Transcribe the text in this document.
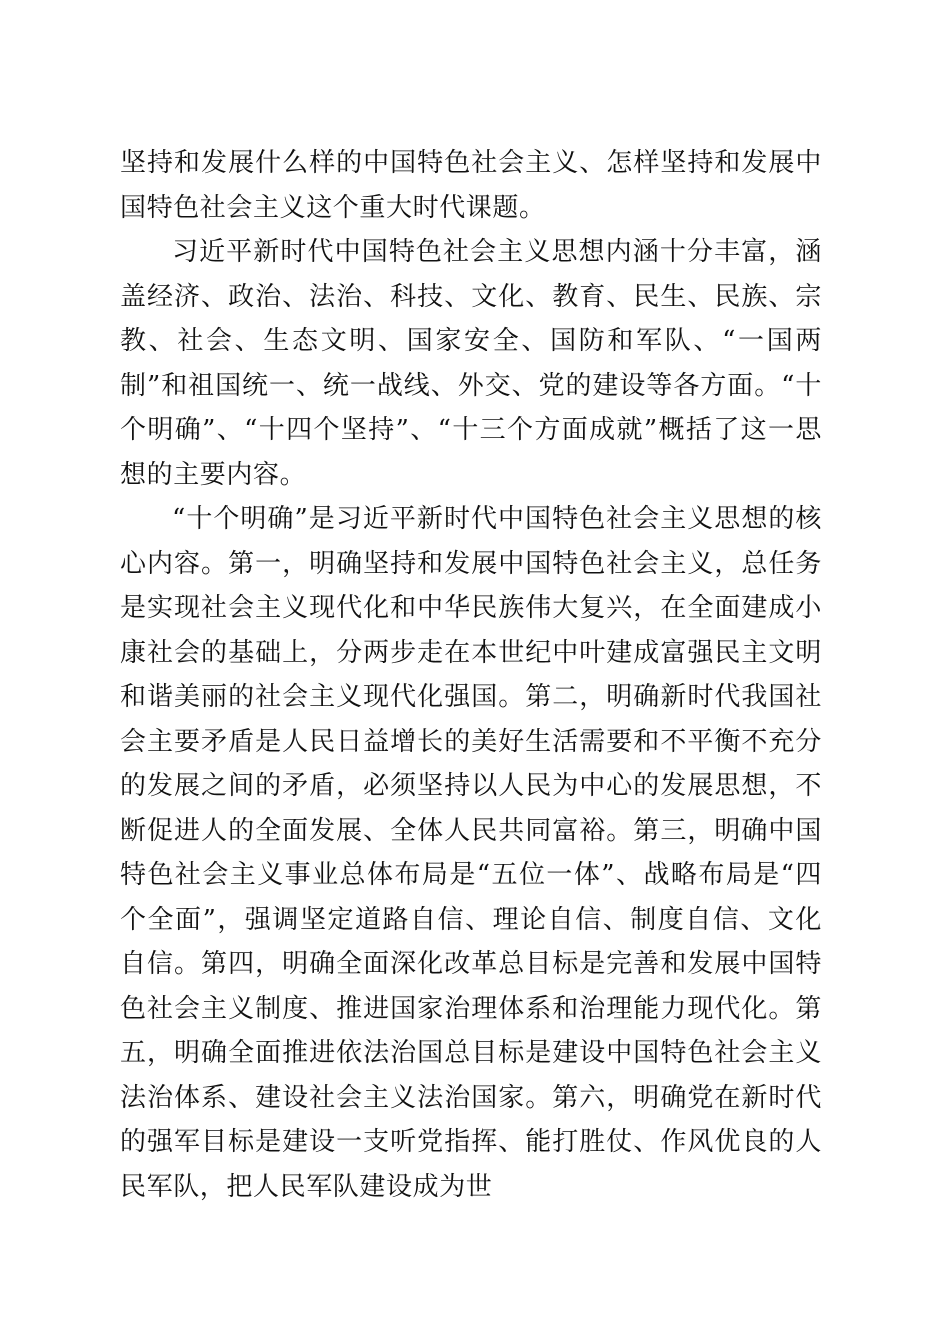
坚持和发展什么样的中国特色社会主义、怎样坚持和发展中国特色社会主义这个重大时代课题。

习近平新时代中国特色社会主义思想内涵十分丰富，涵盖经济、政治、法治、科技、文化、教育、民生、民族、宗教、社会、生态文明、国家安全、国防和军队、“一国两制”和祖国统一、统一战线、外交、党的建设等各方面。“十个明确”、“十四个坚持”、“十三个方面成就”概括了这一思想的主要内容。

“十个明确”是习近平新时代中国特色社会主义思想的核心内容。第一，明确坚持和发展中国特色社会主义，总任务是实现社会主义现代化和中华民族伟大复兴，在全面建成小康社会的基础上，分两步走在本世纪中叶建成富强民主文明和谐美丽的社会主义现代化强国。第二，明确新时代我国社会主要矛盾是人民日益增长的美好生活需要和不平衡不充分的发展之间的矛盾，必须坚持以人民为中心的发展思想，不断促进人的全面发展、全体人民共同富裕。第三，明确中国特色社会主义事业总体布局是“五位一体”、战略布局是“四个全面”，强调坚定道路自信、理论自信、制度自信、文化自信。第四，明确全面深化改革总目标是完善和发展中国特色社会主义制度、推进国家治理体系和治理能力现代化。第五，明确全面推进依法治国总目标是建设中国特色社会主义法治体系、建设社会主义法治国家。第六，明确党在新时代的强军目标是建设一支听党指挥、能打胜仗、作风优良的人民军队，把人民军队建设成为世
